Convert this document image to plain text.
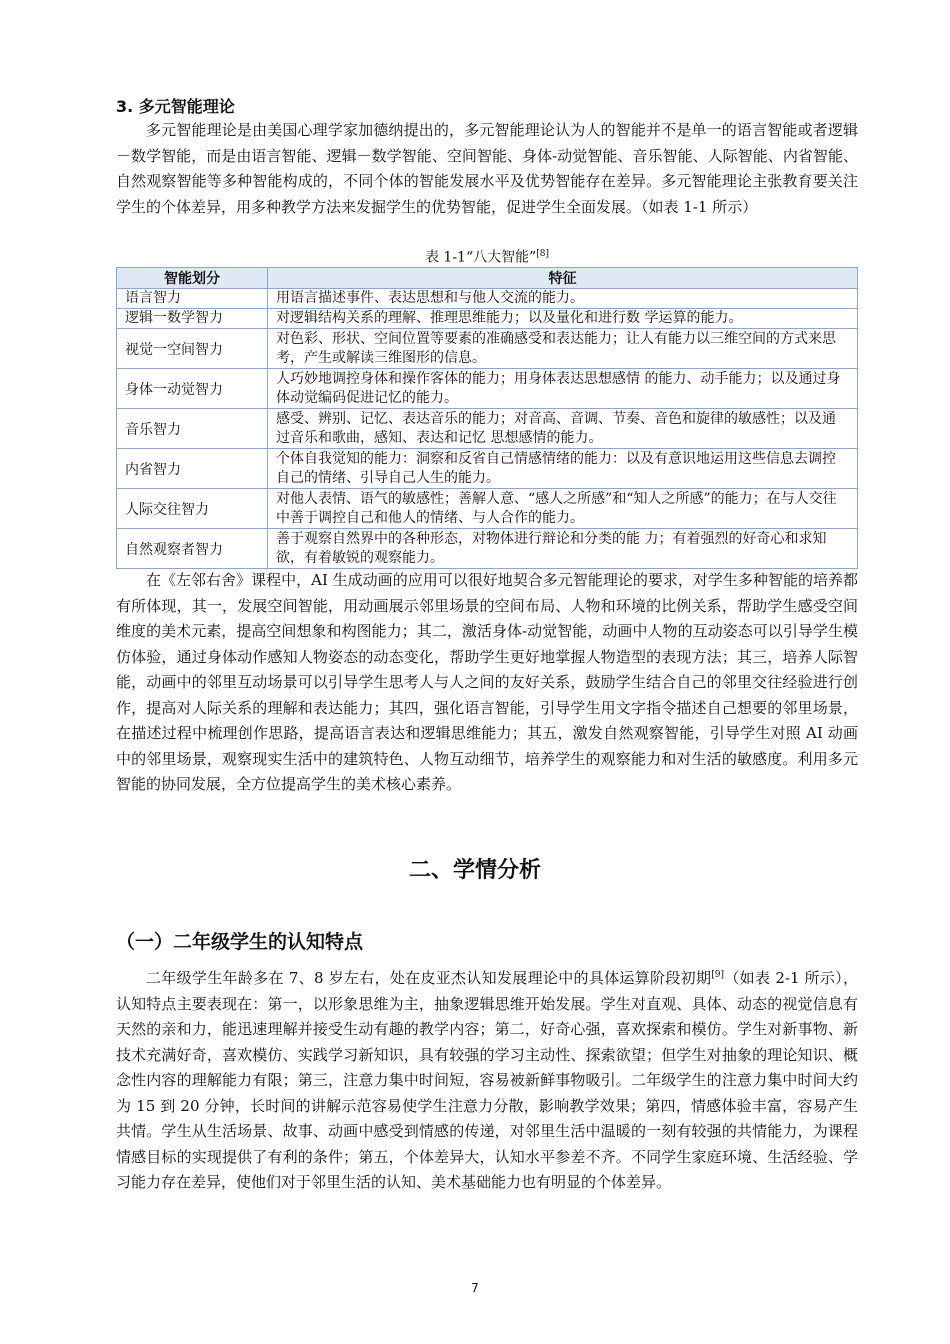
3. 多元智能理论

多元智能理论是由美国心理学家加德纳提出的，多元智能理论认为人的智能并不是单一的语言智能或者逻辑－数学智能，而是由语言智能、逻辑－数学智能、空间智能、身体-动觉智能、音乐智能、人际智能、内省智能、自然观察智能等多种智能构成的，不同个体的智能发展水平及优势智能存在差异。多元智能理论主张教育要关注学生的个体差异，用多种教学方法来发掘学生的优势智能，促进学生全面发展。（如表 1-1 所示）

表 1-1“八大智能”[8]
智能划分	特征
语言智力	用语言描述事件、表达思想和与他人交流的能力。
逻辑一数学智力	对逻辑结构关系的理解、推理思维能力；以及量化和进行数 学运算的能力。
视觉一空间智力	对色彩、形状、空间位置等要素的准确感受和表达能力；让人有能力以三维空间的方式来思考，产生或解读三维图形的信息。
身体一动觉智力	人巧妙地调控身体和操作客体的能力；用身体表达思想感情 的能力、动手能力；以及通过身体动觉编码促进记忆的能力。
音乐智力	感受、辨别、记忆、表达音乐的能力；对音高、音调、节奏、音色和旋律的敏感性；以及通过音乐和歌曲，感知、表达和记忆 思想感情的能力。
内省智力	个体自我觉知的能力：洞察和反省自己情感情绪的能力：以及有意识地运用这些信息去调控自己的情绪、引导自己人生的能力。
人际交往智力	对他人表情、语气的敏感性；善解人意、“感人之所感”和“知人之所感”的能力；在与人交往中善于调控自己和他人的情绪、与人合作的能力。
自然观察者智力	善于观察自然界中的各种形态，对物体进行辩论和分类的能 力；有着强烈的好奇心和求知欲，有着敏锐的观察能力。

在《左邻右舍》课程中，AI 生成动画的应用可以很好地契合多元智能理论的要求，对学生多种智能的培养都有所体现，其一，发展空间智能，用动画展示邻里场景的空间布局、人物和环境的比例关系，帮助学生感受空间维度的美术元素，提高空间想象和构图能力；其二，激活身体-动觉智能，动画中人物的互动姿态可以引导学生模仿体验，通过身体动作感知人物姿态的动态变化，帮助学生更好地掌握人物造型的表现方法；其三，培养人际智能，动画中的邻里互动场景可以引导学生思考人与人之间的友好关系，鼓励学生结合自己的邻里交往经验进行创作，提高对人际关系的理解和表达能力；其四，强化语言智能，引导学生用文字指令描述自己想要的邻里场景，在描述过程中梳理创作思路，提高语言表达和逻辑思维能力；其五，激发自然观察智能，引导学生对照 AI 动画中的邻里场景，观察现实生活中的建筑特色、人物互动细节，培养学生的观察能力和对生活的敏感度。利用多元智能的协同发展，全方位提高学生的美术核心素养。

二、学情分析
（一）二年级学生的认知特点

二年级学生年龄多在 7、8 岁左右，处在皮亚杰认知发展理论中的具体运算阶段初期[9]（如表 2-1 所示），认知特点主要表现在：第一，以形象思维为主，抽象逻辑思维开始发展。学生对直观、具体、动态的视觉信息有天然的亲和力，能迅速理解并接受生动有趣的教学内容；第二，好奇心强，喜欢探索和模仿。学生对新事物、新技术充满好奇，喜欢模仿、实践学习新知识，具有较强的学习主动性、探索欲望；但学生对抽象的理论知识、概念性内容的理解能力有限；第三，注意力集中时间短，容易被新鲜事物吸引。二年级学生的注意力集中时间大约为 15 到 20 分钟，长时间的讲解示范容易使学生注意力分散，影响教学效果；第四，情感体验丰富，容易产生共情。学生从生活场景、故事、动画中感受到情感的传递，对邻里生活中温暖的一刻有较强的共情能力，为课程情感目标的实现提供了有利的条件；第五，个体差异大，认知水平参差不齐。不同学生家庭环境、生活经验、学习能力存在差异，使他们对于邻里生活的认知、美术基础能力也有明显的个体差异。

7
